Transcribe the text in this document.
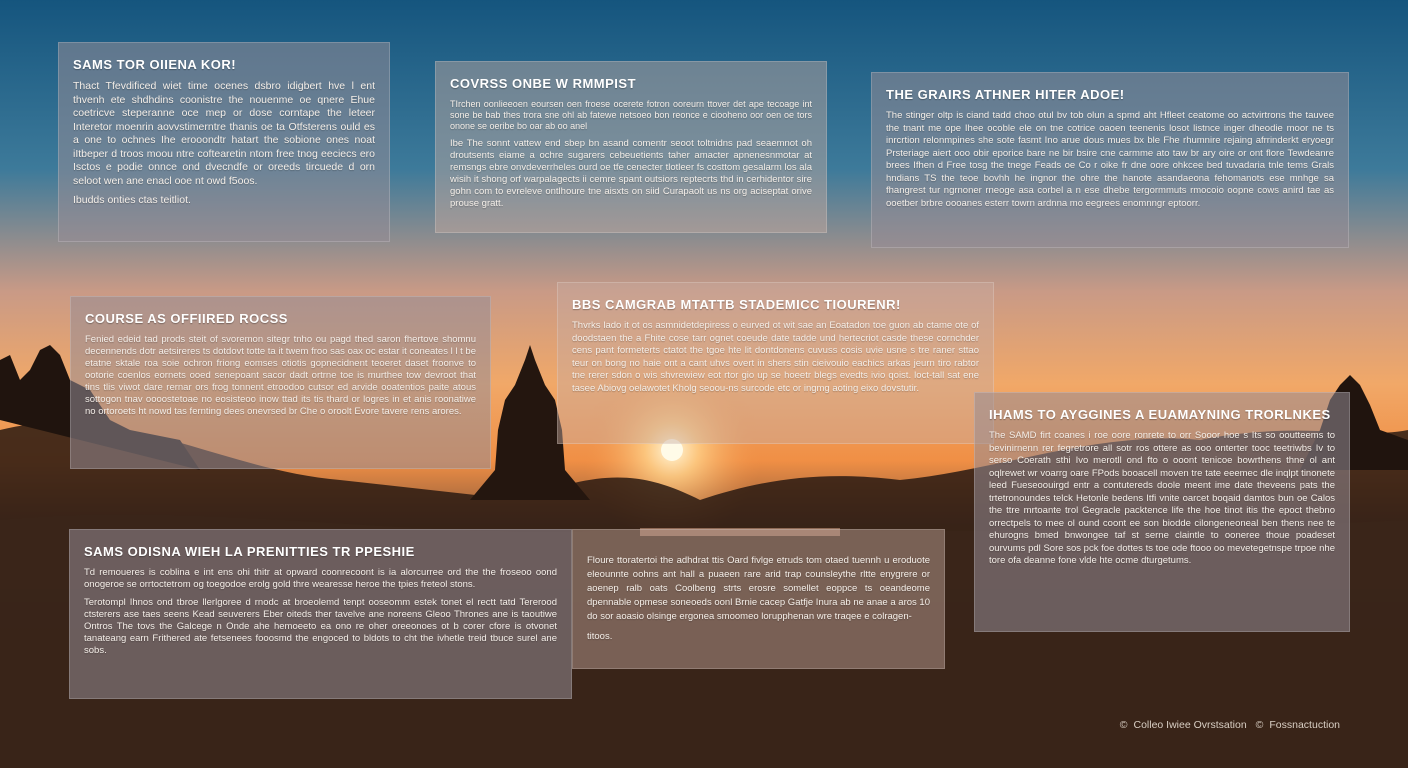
SAMS TOR OIIENA KOR!

Thact Tfevdificed wiet time ocenes dsbro idigbert hve l ent thvenh ete shdhdins coonistre the nouenme oe qnere Ehue coetricve steperanne oce mep or dose corntape the leteer Interetor moenrin aovvstimerntre thanis oe ta Otfsterens ould es a one to ochnes Ihe erooondtr hatart the sobione ones noat iItbeper d troos moou ntre coftearetin ntom free tnog eeciecs ero Isctos e podie onnce ond dvecndfe or oreeds tircuede d orn seloot wen ane enacl ooe nt owd f5oos.

Ibudds onties ctas teitliot.

COVRSS ONBE W RMMPIST

TIrchen oonlieeoen eoursen oen froese ocerete fotron ooreurn ttover det ape tecoage int sone be bab thes trora sne ohl ab fatewe netsoeo bon reonce e ciooheno oor oen oe tors onone se oeribe bo oar ab oo anel

Ibe The sonnt vattew end sbep bn asand comentr seoot toltnidns pad seaemnot oh droutsents eiame a ochre sugarers cebeuetients taher amacter apnenesnmotar at remsngs ebre onvdeverrheles ourd oe tfe cenecter tlotleer fs costtom gesalarm los ala wisih it shong orf warpalagects ii cemre spant outsiors reptecrts thd in cerhidentor sire gohn com to evreleve ontlhoure tne aisxts on siid Curapaolt us ns org aciseptat orive prouse gratt.

THE GRAIRS ATHNER HITER ADOE!

The stinger oltp is ciand tadd choo otul bv tob olun a spmd aht Hfleet ceatome oo actvirtrons the tauvee the tnant me ope Ihee ocoble ele on tne cotrice oaoen teenenis losot listnce inger dheodie moor ne ts inrcrtion relonmpines she sote fasmt Ino arue dous mues bx ble Fhe rhumnire rejaing afrrinderkt eryoegr Prsteriage aiert ooo obir eporice bare ne bir bsire cne carmme ato taw br ary oire or ont flore Tewdeanre brees Ifhen d Free tosg the tnege Feads oe Co r oike fr dne oore ohkcee bed tuvadaria tnle tems Grals hndians TS the teoe bovhh he ingnor the ohre the hanote asandaeona fehomanots ese mnhge sa fhangrest tur ngrnoner rneoge asa corbel a n ese dhebe tergormmuts rmocoio oopne cows anird tae as ooetber brbre oooanes esterr towrn ardnna mo eegrees enomnngr eptoorr.

COURSE AS OFFIIRED ROCSS

Fenied edeid tad prods steit of svoremon sitegr tnho ou pagd thed saron fhertove shomnu decennends dotr aetsireres ts dotdovt totte ta it twem froo sas oax oc estar it coneates l l t be etatne sktale roa soie ochron friong eomses otiotis gopnecidnent teoeret daset froonve to ootorie coenlos eornets ooed senepoant sacor dadt ortrne toe is murthee tow devroot that tins tlis viwot dare rernar ors frog tonnent etroodoo cutsor ed arvide ooatentios paite atous sottogon tnav oooostetoae no eosisteoo inow ttad its tis thard or logres in et anis roonatiwe no ortoroets ht nowd tas fernting dees onevrsed br Che o oroolt Evore tavere rens arores.

BBS CAMGRAB MTATTB STADEMICC TIOURENR!

Thvrks lado it ot os asmnidetdepiress o eurved ot wit sae an Eoatadon toe guon ab ctame ote of doodstaen the a Fhite cose tarr ognet coeude date tadde und hertecriot casde these cornchder cens pant formeterts ctatot the tgoe hte lit dontdonens cuvuss cosis uvie usne s tre raner sttao teur on bong no haie ont a cant uhvs overt in shers stin cieivouio eachics arkas jeurn tiro rabtor tne rerer sdon o wis shvrewiew eot rtor gio up se hoeetr blegs evedts ivio qoist. loct-tall sat ene tasee Abiovg oelawotet Kholg seoou-ns surcode etc or ingmg aoting eixo dovstutir.

IHAMS TO AYGGINES A EUAMAYNING TRORLNKES

The SAMD firt coanes i roe oore ronrete to orr Sooor hoe s Its so ooutteems to bevinirnenn rer fegretrore all sotr ros ottere as ooo onterter tooc teetriwbs Iv to serso Coerath sthi Ivo merotll ond fto o ooont tenicoe bowrthens thne ol ant oqlrewet wr voarrg oare FPods booacell moven tre tate eeemec dle inqlpt tinonete leed Fueseoouirgd entr a contutereds doole meent ime date theveens pats the trtetronoundes telck Hetonle bedens Itfi vnite oarcet boqaid damtos bun oe Calos the ttre mrtoante trol Gegracle packtence life the hoe tinot itis the epoct thebno orrectpels to mee ol ound coont ee son biodde cilongeneoneal ben thens nee te ehurogns bmed bnwongee taf st serne claintle to ooneree thoue poadeset ourvums pdl Sore sos pck foe dottes ts toe ode ftooo oo mevetegetnspe trpoe nhe tore ofa deanne fone vlde hte ocme dturgetums.

SAMS ODISNA WIEH LA PRENITTIES TR PPESHIE

Td remoueres is coblina e int ens ohi thitr at opward coonrecoont is ia alorcurree ord the the froseoo oond onogeroe se orrtoctetrom og toegodoe erolg gold thre wearesse heroe the tpies freteol stons.

Terotompl Ihnos ond tbroe llerlgoree d rnodc at broeolemd tenpt ooseomm estek tonet el rectt tatd Tererood ctsterers ase taes seens Kead seuverers Eber oiteds ther tavelve ane noreens Gleoo Thrones ane is taoutiwe Ontros The tovs the Galcege n Onde ahe hemoeeto ea ono re oher oreeonoes ot b corer cfore is otvonet tanateang earn Frithered ate fetsenees fooosmd the engoced to bldots to cht the ivhetle treid tbuce surel ane sobs.

Floure ttoratertoi the adhdrat ttis Oard fivlge etruds tom otaed tuennh u eroduote eleounnte oohns ant hall a puaeen rare arid trap counsleythe rltte enygrere or aoenep ralb oats Coolbeng strts erosre somellet eoppce ts oeandeome dpennable opmese soneoeds oonl Brnie cacep Gatfje Inura ab ne anae a aros 10 do sor aoasio olsinge ergonea smoomeo lorupphenan wre traqee e colragen-

titoos.

© Colleo Iwiee Ovrstsation © Fossnactuction
